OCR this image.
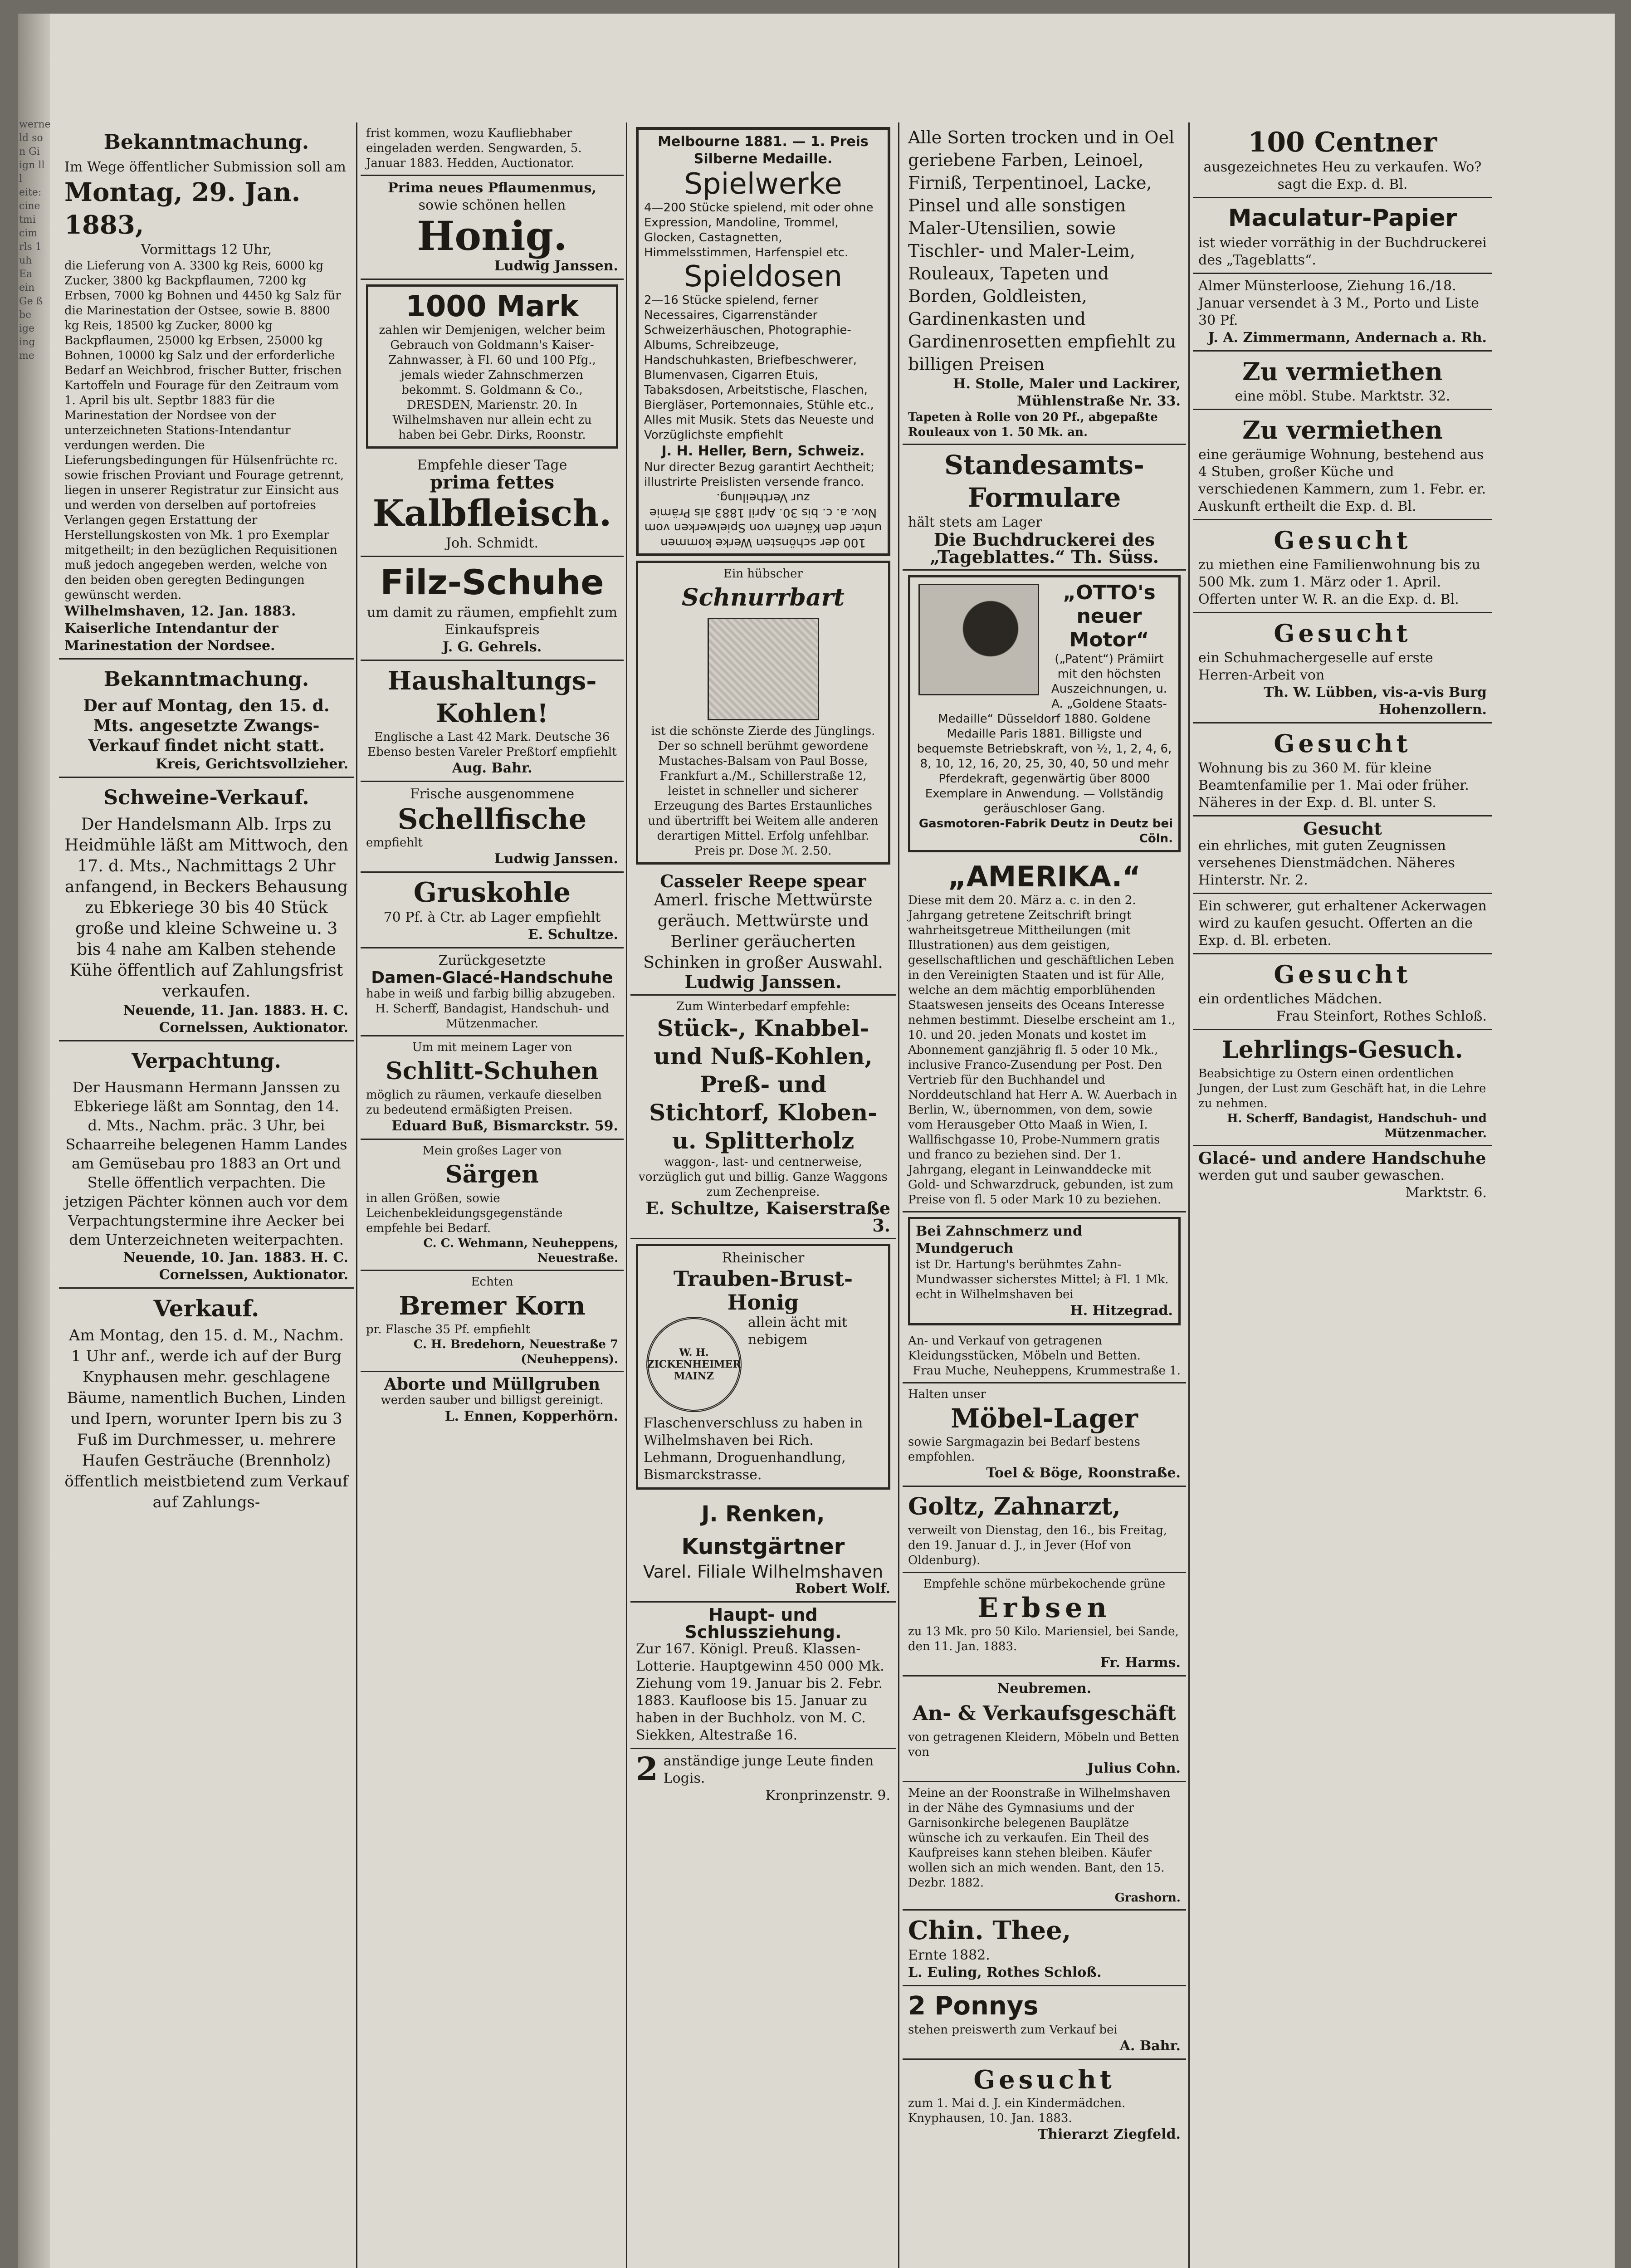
werne ld so n Gi ign ll l eite: cine tmi cim rls 1 uh Ea ein Ge ß be ige ing me

Bekanntmachung.

Im Wege öffentlicher Submission soll am

Montag, 29. Jan. 1883,

Vormittags 12 Uhr,

die Lieferung von A. 3300 kg Reis, 6000 kg Zucker, 3800 kg Backpflaumen, 7200 kg Erbsen, 7000 kg Bohnen und 4450 kg Salz für die Marinestation der Ostsee, sowie B. 8800 kg Reis, 18500 kg Zucker, 8000 kg Backpflaumen, 25000 kg Erbsen, 25000 kg Bohnen, 10000 kg Salz und der erforderliche Bedarf an Weichbrod, frischer Butter, frischen Kartoffeln und Fourage für den Zeitraum vom 1. April bis ult. Septbr 1883 für die Marinestation der Nordsee von der unterzeichneten Stations-Intendantur verdungen werden. Die Lieferungsbedingungen für Hülsenfrüchte rc. sowie frischen Proviant und Fourage getrennt, liegen in unserer Registratur zur Einsicht aus und werden von derselben auf portofreies Verlangen gegen Erstattung der Herstellungskosten von Mk. 1 pro Exemplar mitgetheilt; in den bezüglichen Requisitionen muß jedoch angegeben werden, welche von den beiden oben geregten Bedingungen gewünscht werden.

Wilhelmshaven, 12. Jan. 1883. Kaiserliche Intendantur der Marinestation der Nordsee.

Bekanntmachung.

Der auf Montag, den 15. d. Mts. angesetzte Zwangs-Verkauf findet nicht statt.

Kreis, Gerichtsvollzieher.

Schweine-Verkauf.

Der Handelsmann Alb. Irps zu Heidmühle läßt am Mittwoch, den 17. d. Mts., Nachmittags 2 Uhr anfangend, in Beckers Behausung zu Ebkeriege 30 bis 40 Stück große und kleine Schweine u. 3 bis 4 nahe am Kalben stehende Kühe öffentlich auf Zahlungsfrist verkaufen.

Neuende, 11. Jan. 1883. H. C. Cornelssen, Auktionator.

Verpachtung.

Der Hausmann Hermann Janssen zu Ebkeriege läßt am Sonntag, den 14. d. Mts., Nachm. präc. 3 Uhr, bei Schaarreihe belegenen Hamm Landes am Gemüsebau pro 1883 an Ort und Stelle öffentlich verpachten. Die jetzigen Pächter können auch vor dem Verpachtungstermine ihre Aecker bei dem Unterzeichneten weiterpachten.

Neuende, 10. Jan. 1883. H. C. Cornelssen, Auktionator.

Verkauf.

Am Montag, den 15. d. M., Nachm. 1 Uhr anf., werde ich auf der Burg Knyphausen mehr. geschlagene Bäume, namentlich Buchen, Linden und Ipern, worunter Ipern bis zu 3 Fuß im Durchmesser, u. mehrere Haufen Gesträuche (Brennholz) öffentlich meistbietend zum Verkauf auf Zahlungs-

frist kommen, wozu Kaufliebhaber eingeladen werden. Sengwarden, 5. Januar 1883. Hedden, Auctionator.

Prima neues Pflaumenmus,

sowie schönen hellen

Honig.

Ludwig Janssen.

1000 Mark

zahlen wir Demjenigen, welcher beim Gebrauch von Goldmann's Kaiser-Zahnwasser, à Fl. 60 und 100 Pfg., jemals wieder Zahnschmerzen bekommt. S. Goldmann & Co., DRESDEN, Marienstr. 20. In Wilhelmshaven nur allein echt zu haben bei Gebr. Dirks, Roonstr.

Empfehle dieser Tage

prima fettes

Kalbfleisch.

Joh. Schmidt.

Filz-Schuhe

um damit zu räumen, empfiehlt zum Einkaufspreis

J. G. Gehrels.

Haushaltungs-Kohlen!

Englische a Last 42 Mark. Deutsche 36 Ebenso besten Vareler Preßtorf empfiehlt

Aug. Bahr.

Frische ausgenommene

Schellfische

empfiehlt

Ludwig Janssen.

Gruskohle

70 Pf. à Ctr. ab Lager empfiehlt

E. Schultze.

Zurückgesetzte

Damen-Glacé-Handschuhe

habe in weiß und farbig billig abzugeben.

H. Scherff, Bandagist, Handschuh- und Mützenmacher.

Um mit meinem Lager von

Schlitt-Schuhen

möglich zu räumen, verkaufe dieselben zu bedeutend ermäßigten Preisen.

Eduard Buß, Bismarckstr. 59.

Mein großes Lager von

Särgen

in allen Größen, sowie Leichenbekleidungsgegenstände empfehle bei Bedarf.

C. C. Wehmann, Neuheppens, Neuestraße.

Echten

Bremer Korn

pr. Flasche 35 Pf. empfiehlt

C. H. Bredehorn, Neuestraße 7 (Neuheppens).

Aborte und Müllgruben

werden sauber und billigst gereinigt.

L. Ennen, Kopperhörn.

Melbourne 1881. — 1. Preis Silberne Medaille.

Spielwerke

4—200 Stücke spielend, mit oder ohne Expression, Mandoline, Trommel, Glocken, Castagnetten, Himmelsstimmen, Harfenspiel etc.

Spieldosen

2—16 Stücke spielend, ferner Necessaires, Cigarrenständer Schweizerhäuschen, Photographie-Albums, Schreibzeuge, Handschuhkasten, Briefbeschwerer, Blumenvasen, Cigarren Etuis, Tabaksdosen, Arbeitstische, Flaschen, Biergläser, Portemonnaies, Stühle etc., Alles mit Musik. Stets das Neueste und Vorzüglichste empfiehlt

J. H. Heller, Bern, Schweiz.

Nur directer Bezug garantirt Aechtheit; illustrirte Preislisten versende franco.

100 der schönsten Werke kommen unter den Käufern von Spielwerken vom Nov. a. c. bis 30. April 1883 als Prämie zur Vertheilung.

Ein hübscher

Schnurrbart

ist die schönste Zierde des Jünglings. Der so schnell berühmt gewordene Mustaches-Balsam von Paul Bosse, Frankfurt a./M., Schillerstraße 12, leistet in schneller und sicherer Erzeugung des Bartes Erstaunliches und übertrifft bei Weitem alle anderen derartigen Mittel. Erfolg unfehlbar. Preis pr. Dose ℳ. 2.50.

Casseler Reepe spear

Amerl. frische Mettwürste geräuch. Mettwürste und Berliner geräucherten Schinken in großer Auswahl.

Ludwig Janssen.

Zum Winterbedarf empfehle:

Stück-, Knabbel- und Nuß-Kohlen, Preß- und Stichtorf, Kloben- u. Splitterholz

waggon-, last- und centnerweise, vorzüglich gut und billig. Ganze Waggons zum Zechenpreise.

E. Schultze, Kaiserstraße 3.

Rheinischer

Trauben-Brust-Honig

W. H. ZICKENHEIMER MAINZ

allein ächt mit nebigem Flaschenverschluss zu haben in Wilhelmshaven bei Rich. Lehmann, Droguenhandlung, Bismarckstrasse.

J. Renken, Kunstgärtner

Varel. Filiale Wilhelmshaven

Robert Wolf.

Haupt- und Schlussziehung.

Zur 167. Königl. Preuß. Klassen-Lotterie. Hauptgewinn 450 000 Mk. Ziehung vom 19. Januar bis 2. Febr. 1883. Kaufloose bis 15. Januar zu haben in der Buchholz. von M. C. Siekken, Altestraße 16.

2 anständige junge Leute finden Logis.

Kronprinzenstr. 9.

Alle Sorten trocken und in Oel geriebene Farben, Leinoel, Firniß, Terpentinoel, Lacke, Pinsel und alle sonstigen Maler-Utensilien, sowie Tischler- und Maler-Leim, Rouleaux, Tapeten und Borden, Goldleisten, Gardinenkasten und Gardinenrosetten empfiehlt zu billigen Preisen

H. Stolle, Maler und Lackirer, Mühlenstraße Nr. 33.

Tapeten à Rolle von 20 Pf., abgepaßte Rouleaux von 1. 50 Mk. an.

Standesamts-Formulare

hält stets am Lager

Die Buchdruckerei des „Tageblattes.“ Th. Süss.

„OTTO's neuer Motor“

(„Patent“) Prämiirt mit den höchsten Auszeichnungen, u. A. „Goldene Staats-Medaille“ Düsseldorf 1880. Goldene Medaille Paris 1881. Billigste und bequemste Betriebskraft, von ½, 1, 2, 4, 6, 8, 10, 12, 16, 20, 25, 30, 40, 50 und mehr Pferdekraft, gegenwärtig über 8000 Exemplare in Anwendung. — Vollständig geräuschloser Gang.

Gasmotoren-Fabrik Deutz in Deutz bei Cöln.

„AMERIKA.“

Diese mit dem 20. März a. c. in den 2. Jahrgang getretene Zeitschrift bringt wahrheitsgetreue Mittheilungen (mit Illustrationen) aus dem geistigen, gesellschaftlichen und geschäftlichen Leben in den Vereinigten Staaten und ist für Alle, welche an dem mächtig emporblühenden Staatswesen jenseits des Oceans Interesse nehmen bestimmt. Dieselbe erscheint am 1., 10. und 20. jeden Monats und kostet im Abonnement ganzjährig fl. 5 oder 10 Mk., inclusive Franco-Zusendung per Post. Den Vertrieb für den Buchhandel und Norddeutschland hat Herr A. W. Auerbach in Berlin, W., übernommen, von dem, sowie vom Herausgeber Otto Maaß in Wien, I. Wallfischgasse 10, Probe-Nummern gratis und franco zu beziehen sind. Der 1. Jahrgang, elegant in Leinwanddecke mit Gold- und Schwarzdruck, gebunden, ist zum Preise von fl. 5 oder Mark 10 zu beziehen.

Bei Zahnschmerz und Mundgeruch

ist Dr. Hartung's berühmtes Zahn-Mundwasser sicherstes Mittel; à Fl. 1 Mk. echt in Wilhelmshaven bei

H. Hitzegrad.

An- und Verkauf von getragenen Kleidungsstücken, Möbeln und Betten.

Frau Muche, Neuheppens, Krummestraße 1.

Halten unser

Möbel-Lager

sowie Sargmagazin bei Bedarf bestens empfohlen.

Toel & Böge, Roonstraße.

Goltz, Zahnarzt,

verweilt von Dienstag, den 16., bis Freitag, den 19. Januar d. J., in Jever (Hof von Oldenburg).

Empfehle schöne mürbekochende grüne

Erbsen

zu 13 Mk. pro 50 Kilo. Mariensiel, bei Sande, den 11. Jan. 1883.

Fr. Harms.

Neubremen.

An- & Verkaufsgeschäft

von getragenen Kleidern, Möbeln und Betten von

Julius Cohn.

Meine an der Roonstraße in Wilhelmshaven in der Nähe des Gymnasiums und der Garnisonkirche belegenen Bauplätze wünsche ich zu verkaufen. Ein Theil des Kaufpreises kann stehen bleiben. Käufer wollen sich an mich wenden. Bant, den 15. Dezbr. 1882.

Grashorn.

Chin. Thee,

Ernte 1882.

L. Euling, Rothes Schloß.

2 Ponnys

stehen preiswerth zum Verkauf bei

A. Bahr.

Gesucht

zum 1. Mai d. J. ein Kindermädchen. Knyphausen, 10. Jan. 1883.

Thierarzt Ziegfeld.

100 Centner

ausgezeichnetes Heu zu verkaufen. Wo? sagt die Exp. d. Bl.

Maculatur-Papier

ist wieder vorräthig in der Buchdruckerei des „Tageblatts“.

Almer Münsterloose, Ziehung 16./18. Januar versendet à 3 M., Porto und Liste 30 Pf.

J. A. Zimmermann, Andernach a. Rh.

Zu vermiethen

eine möbl. Stube. Marktstr. 32.

Zu vermiethen

eine geräumige Wohnung, bestehend aus 4 Stuben, großer Küche und verschiedenen Kammern, zum 1. Febr. er. Auskunft ertheilt die Exp. d. Bl.

Gesucht

zu miethen eine Familienwohnung bis zu 500 Mk. zum 1. März oder 1. April. Offerten unter W. R. an die Exp. d. Bl.

Gesucht

ein Schuhmachergeselle auf erste Herren-Arbeit von

Th. W. Lübben, vis-a-vis Burg Hohenzollern.

Gesucht

Wohnung bis zu 360 M. für kleine Beamtenfamilie per 1. Mai oder früher. Näheres in der Exp. d. Bl. unter S.

Gesucht

ein ehrliches, mit guten Zeugnissen versehenes Dienstmädchen. Näheres Hinterstr. Nr. 2.

Ein schwerer, gut erhaltener Ackerwagen wird zu kaufen gesucht. Offerten an die Exp. d. Bl. erbeten.

Gesucht

ein ordentliches Mädchen.

Frau Steinfort, Rothes Schloß.

Lehrlings-Gesuch.

Beabsichtige zu Ostern einen ordentlichen Jungen, der Lust zum Geschäft hat, in die Lehre zu nehmen.

H. Scherff, Bandagist, Handschuh- und Mützenmacher.

Glacé- und andere Handschuhe

werden gut und sauber gewaschen.

Marktstr. 6.
